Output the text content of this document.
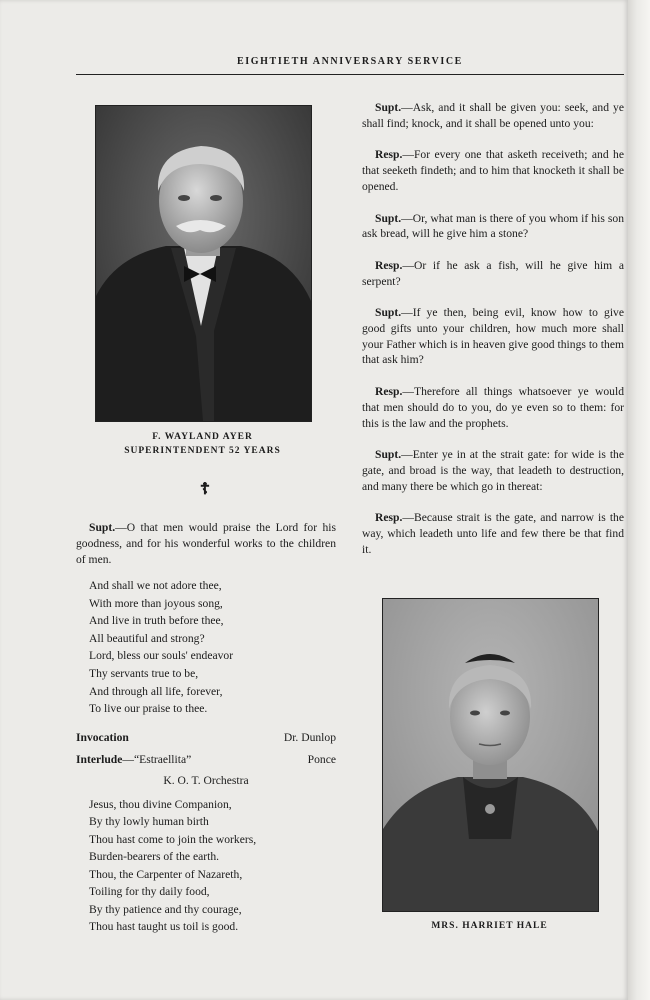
EIGHTIETH ANNIVERSARY SERVICE
F. WAYLAND AYER
SUPERINTENDENT 52 YEARS
☦

Supt.—Ask, and it shall be given you: seek, and ye shall find; knock, and it shall be opened unto you:

Resp.—For every one that asketh receiveth; and he that seeketh findeth; and to him that knocketh it shall be opened.

Supt.—Or, what man is there of you whom if his son ask bread, will he give him a stone?

Resp.—Or if he ask a fish, will he give him a serpent?

Supt.—If ye then, being evil, know how to give good gifts unto your children, how much more shall your Father which is in heaven give good things to them that ask him?

Resp.—Therefore all things whatsoever ye would that men should do to you, do ye even so to them: for this is the law and the prophets.

Supt.—Enter ye in at the strait gate: for wide is the gate, and broad is the way, that leadeth to destruction, and many there be which go in thereat:

Resp.—Because strait is the gate, and narrow is the way, which leadeth unto life and few there be that find it.

Supt.—O that men would praise the Lord for his goodness, and for his wonderful works to the children of men.

And shall we not adore thee,
With more than joyous song,
And live in truth before thee,
All beautiful and strong?
Lord, bless our souls' endeavor
Thy servants true to be,
And through all life, forever,
To live our praise to thee.
Invocation	Dr. Dunlop
Interlude—“Estraellita”	Ponce
K. O. T. Orchestra
Jesus, thou divine Companion,
By thy lowly human birth
Thou hast come to join the workers,
Burden-bearers of the earth.
Thou, the Carpenter of Nazareth,
Toiling for thy daily food,
By thy patience and thy courage,
Thou hast taught us toil is good.	MRS. HARRIET HALE
